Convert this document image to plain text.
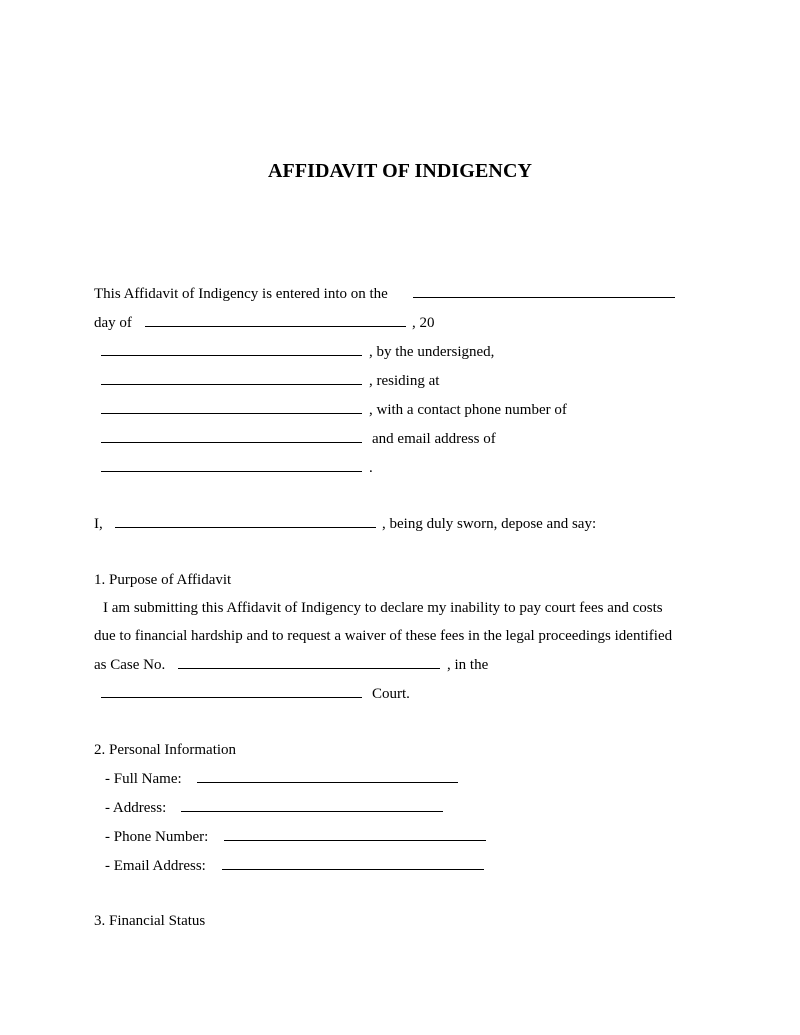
AFFIDAVIT OF INDIGENCY
This Affidavit of Indigency is entered into on the
day of	, 20
, by the undersigned,
, residing at
, with a contact phone number of
and email address of
.
I,	, being duly sworn, depose and say:
1. Purpose of Affidavit
I am submitting this Affidavit of Indigency to declare my inability to pay court fees and costs
due to financial hardship and to request a waiver of these fees in the legal proceedings identified
as Case No.	, in the
Court.
2. Personal Information
- Full Name:
- Address:
- Phone Number:
- Email Address:
3. Financial Status
